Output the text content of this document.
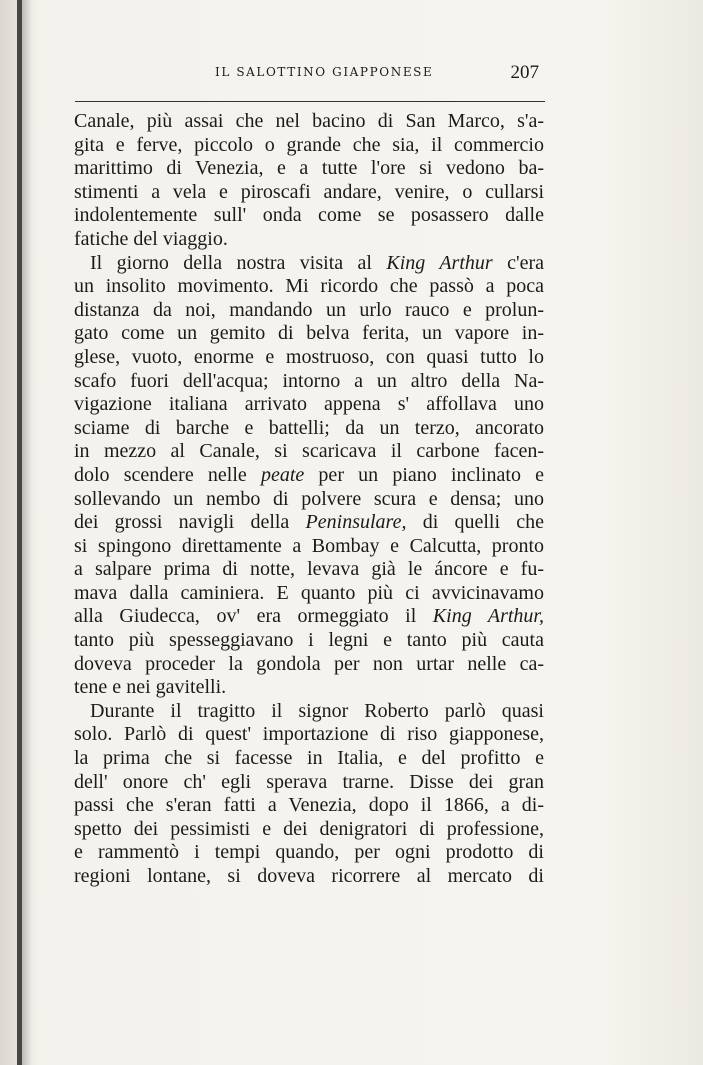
IL SALOTTINO GIAPPONESE	207
Canale, più assai che nel bacino di San Marco, s'a-
gita e ferve, piccolo o grande che sia, il commercio
marittimo di Venezia, e a tutte l'ore si vedono ba-
stimenti a vela e piroscafi andare, venire, o cullarsi
indolentemente sull' onda come se posassero dalle
fatiche del viaggio.
Il giorno della nostra visita al King Arthur c'era
un insolito movimento. Mi ricordo che passò a poca
distanza da noi, mandando un urlo rauco e prolun-
gato come un gemito di belva ferita, un vapore in-
glese, vuoto, enorme e mostruoso, con quasi tutto lo
scafo fuori dell'acqua; intorno a un altro della Na-
vigazione italiana arrivato appena s' affollava uno
sciame di barche e battelli; da un terzo, ancorato
in mezzo al Canale, si scaricava il carbone facen-
dolo scendere nelle peate per un piano inclinato e
sollevando un nembo di polvere scura e densa; uno
dei grossi navigli della Peninsulare, di quelli che
si spingono direttamente a Bombay e Calcutta, pronto
a salpare prima di notte, levava già le áncore e fu-
mava dalla caminiera. E quanto più ci avvicinavamo
alla Giudecca, ov' era ormeggiato il King Arthur,
tanto più spesseggiavano i legni e tanto più cauta
doveva proceder la gondola per non urtar nelle ca-
tene e nei gavitelli.
Durante il tragitto il signor Roberto parlò quasi
solo. Parlò di quest' importazione di riso giapponese,
la prima che si facesse in Italia, e del profitto e
dell' onore ch' egli sperava trarne. Disse dei gran
passi che s'eran fatti a Venezia, dopo il 1866, a di-
spetto dei pessimisti e dei denigratori di professione,
e rammentò i tempi quando, per ogni prodotto di
regioni lontane, si doveva ricorrere al mercato di
